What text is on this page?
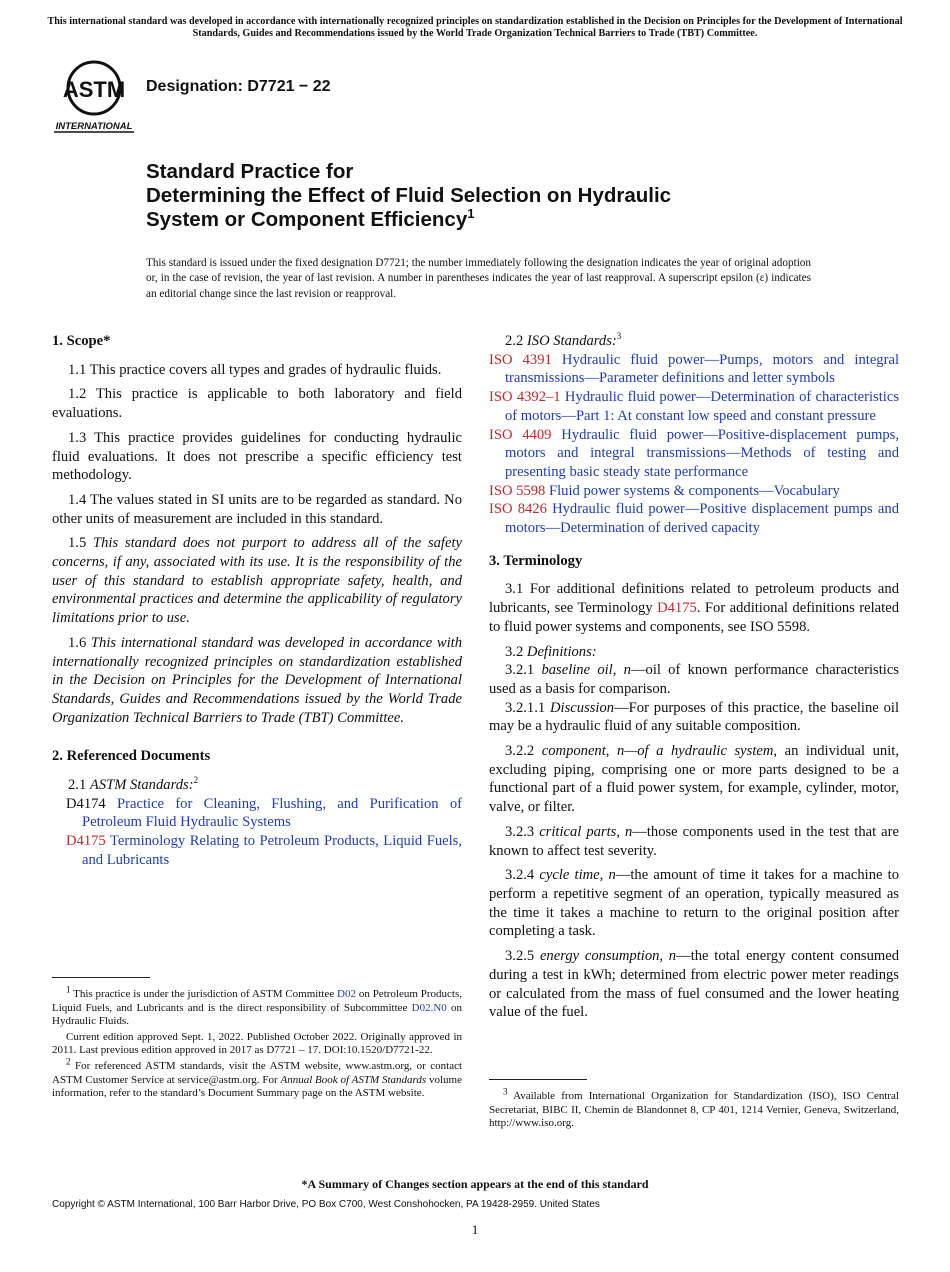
This international standard was developed in accordance with internationally recognized principles on standardization established in the Decision on Principles for the Development of International Standards, Guides and Recommendations issued by the World Trade Organization Technical Barriers to Trade (TBT) Committee.
ASTM
INTERNATIONAL
Designation: D7721 − 22
Standard Practice for
Determining the Effect of Fluid Selection on Hydraulic
System or Component Efficiency$^1$
This standard is issued under the fixed designation D7721; the number immediately following the designation indicates the year of original adoption or, in the case of revision, the year of last revision. A number in parentheses indicates the year of last reapproval. A superscript epsilon (ε) indicates an editorial change since the last revision or reapproval.
1. Scope*

1.1 This practice covers all types and grades of hydraulic fluids.

1.2 This practice is applicable to both laboratory and field evaluations.

1.3 This practice provides guidelines for conducting hydraulic fluid evaluations. It does not prescribe a specific efficiency test methodology.

1.4 The values stated in SI units are to be regarded as standard. No other units of measurement are included in this standard.

1.5 This standard does not purport to address all of the safety concerns, if any, associated with its use. It is the responsibility of the user of this standard to establish appropriate safety, health, and environmental practices and determine the applicability of regulatory limitations prior to use.

1.6 This international standard was developed in accordance with internationally recognized principles on standardization established in the Decision on Principles for the Development of International Standards, Guides and Recommendations issued by the World Trade Organization Technical Barriers to Trade (TBT) Committee.

2. Referenced Documents

2.1 ASTM Standards:$^2$

D4174 Practice for Cleaning, Flushing, and Purification of Petroleum Fluid Hydraulic Systems
D4175 Terminology Relating to Petroleum Products, Liquid Fuels, and Lubricants

$^1$ This practice is under the jurisdiction of ASTM Committee D02 on Petroleum Products, Liquid Fuels, and Lubricants and is the direct responsibility of Subcommittee D02.N0 on Hydraulic Fluids.

Current edition approved Sept. 1, 2022. Published October 2022. Originally approved in 2011. Last previous edition approved in 2017 as D7721 – 17. DOI:10.1520/D7721-22.

$^2$ For referenced ASTM standards, visit the ASTM website, www.astm.org, or contact ASTM Customer Service at service@astm.org. For Annual Book of ASTM Standards volume information, refer to the standard’s Document Summary page on the ASTM website.

2.2 ISO Standards:$^3$

ISO 4391 Hydraulic fluid power—Pumps, motors and integral transmissions—Parameter definitions and letter symbols
ISO 4392–1 Hydraulic fluid power—Determination of characteristics of motors—Part 1: At constant low speed and constant pressure
ISO 4409 Hydraulic fluid power—Positive-displacement pumps, motors and integral transmissions—Methods of testing and presenting basic steady state performance
ISO 5598 Fluid power systems & components—Vocabulary
ISO 8426 Hydraulic fluid power—Positive displacement pumps and motors—Determination of derived capacity
3. Terminology

3.1 For additional definitions related to petroleum products and lubricants, see Terminology D4175. For additional definitions related to fluid power systems and components, see ISO 5598.

3.2 Definitions:

3.2.1 baseline oil, n—oil of known performance characteristics used as a basis for comparison.

3.2.1.1 Discussion—For purposes of this practice, the baseline oil may be a hydraulic fluid of any suitable composition.

3.2.2 component, n—of a hydraulic system, an individual unit, excluding piping, comprising one or more parts designed to be a functional part of a fluid power system, for example, cylinder, motor, valve, or filter.

3.2.3 critical parts, n—those components used in the test that are known to affect test severity.

3.2.4 cycle time, n—the amount of time it takes for a machine to perform a repetitive segment of an operation, typically measured as the time it takes a machine to return to the original position after completing a task.

3.2.5 energy consumption, n—the total energy content consumed during a test in kWh; determined from electric power meter readings or calculated from the mass of fuel consumed and the lower heating value of the fuel.

$^3$ Available from International Organization for Standardization (ISO), ISO Central Secretariat, BIBC II, Chemin de Blandonnet 8, CP 401, 1214 Vernier, Geneva, Switzerland, http://www.iso.org.

*A Summary of Changes section appears at the end of this standard
Copyright © ASTM International, 100 Barr Harbor Drive, PO Box C700, West Conshohocken, PA 19428-2959. United States
1
